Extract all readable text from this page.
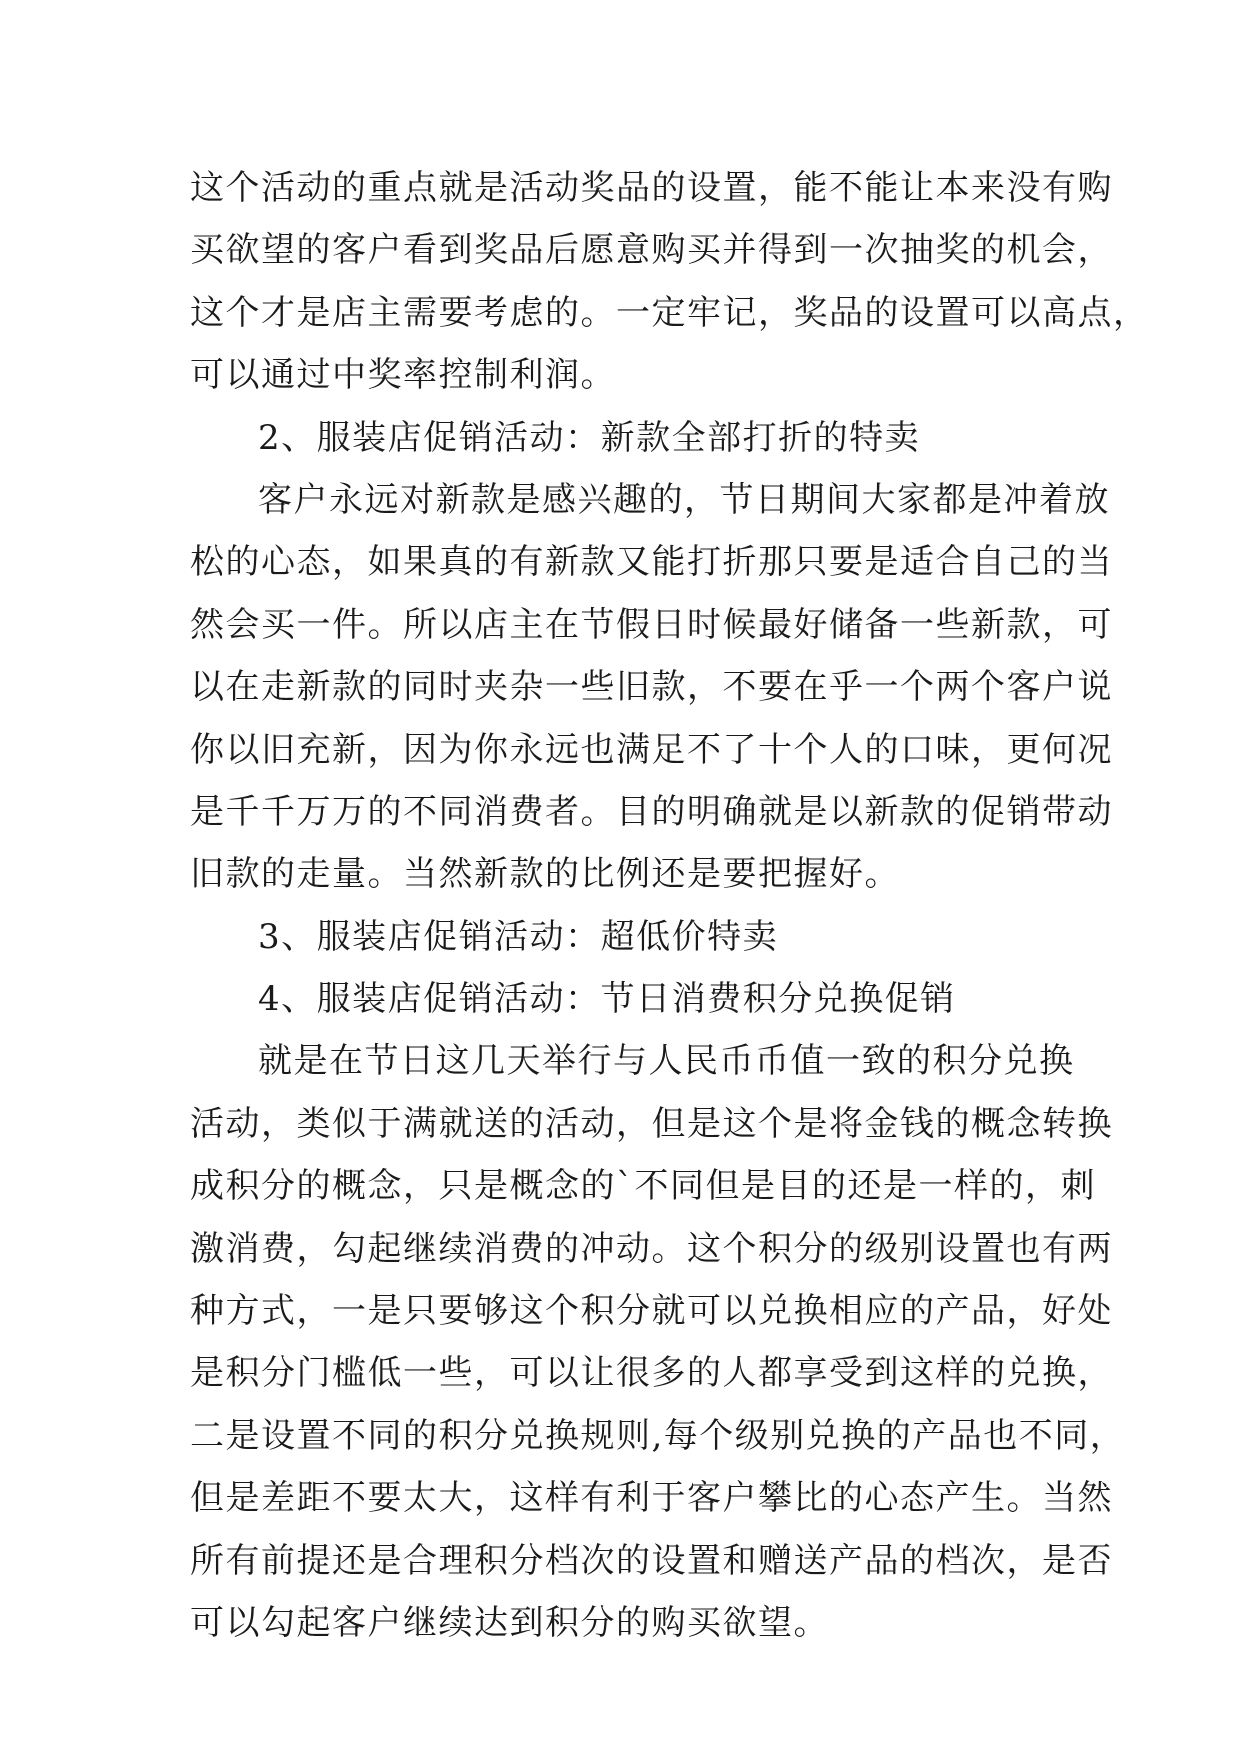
这个活动的重点就是活动奖品的设置，能不能让本来没有购
买欲望的客户看到奖品后愿意购买并得到一次抽奖的机会，
这个才是店主需要考虑的。一定牢记，奖品的设置可以高点，
可以通过中奖率控制利润。
2、服装店促销活动：新款全部打折的特卖
客户永远对新款是感兴趣的，节日期间大家都是冲着放
松的心态，如果真的有新款又能打折那只要是适合自己的当
然会买一件。所以店主在节假日时候最好储备一些新款，可
以在走新款的同时夹杂一些旧款，不要在乎一个两个客户说
你以旧充新，因为你永远也满足不了十个人的口味，更何况
是千千万万的不同消费者。目的明确就是以新款的促销带动
旧款的走量。当然新款的比例还是要把握好。
3、服装店促销活动：超低价特卖
4、服装店促销活动：节日消费积分兑换促销
就是在节日这几天举行与人民币币值一致的积分兑换
活动，类似于满就送的活动，但是这个是将金钱的概念转换
成积分的概念，只是概念的`不同但是目的还是一样的，刺
激消费，勾起继续消费的冲动。这个积分的级别设置也有两
种方式，一是只要够这个积分就可以兑换相应的产品，好处
是积分门槛低一些，可以让很多的人都享受到这样的兑换，
二是设置不同的积分兑换规则,每个级别兑换的产品也不同，
但是差距不要太大，这样有利于客户攀比的心态产生。当然
所有前提还是合理积分档次的设置和赠送产品的档次，是否
可以勾起客户继续达到积分的购买欲望。
